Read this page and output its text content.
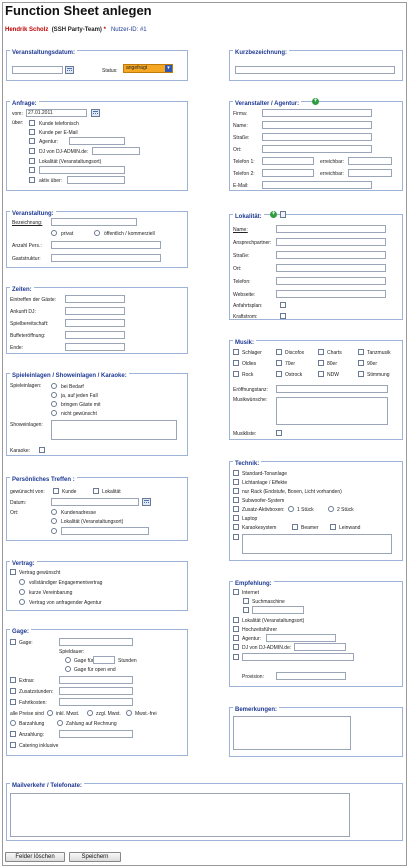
Function Sheet anlegen
Hendrik Scholz (SSH Party-Team) * Nutzer-ID: #1
Veranstaltungsdatum:
Status:	angefragt	▾
Kurzbezeichnung:
Anfrage:
vom:	27.01.2011
über:	Kunde telefonisch
Kunde per E-Mail
Agentur:
DJ von DJ-ADMIN.de:
Lokalität (Veranstaltungsort)
aktiv über:
Veranstalter / Agentur:	+
Firma:
Name:
Straße:
Ort:
Telefon 1:	erreichbar:
Telefon 2:	erreichbar:
E-Mail:
Veranstaltung:
Bezeichnung:
privat	öffentlich / kommerziell
Anzahl Pers.:
Gaststruktur:
Lokalität:	+
Name:
Ansprechpartner:
Straße:
Ort:
Telefon:
Webseite:
Anfahrtsplan:
Kraftstrom:
Zeiten:
Eintreffen der Gäste:
Ankunft DJ:
Spielbereitschaft:
Buffeteröffnung:
Ende:
Musik:
Schlager	Discofox	Charts	Tanzmusik
Oldies	70er	80er	90er
Rock	Ostrock	NDW	Stimmung
Eröffnungstanz:
Musikwünsche:
Musikliste:
Spieleinlagen / Showeinlagen / Karaoke:
Spieleinlagen:	bei Bedarf
ja, auf jeden Fall
bringen Gäste mit
nicht gewünscht
Showeinlagen:
Karaoke:
Technik:
Standard-Tonanlage
Lichtanlage / Effekte
nur Rack (Endstufe, Boxen, Licht vorhanden)
Subwoofer-System
Zusatz-Aktivboxen: 1 Stück	2 Stück
Laptop
Karaokesystem	Beamer	Leinwand
Persönliches Treffen :
gewünscht von:	Kunde	Lokalität
Datum:
Ort:	Kundenadresse
Lokalität (Veranstaltungsort)
Vertrag:
Vertrag gewünscht
vollständiger Engagementvertrag
kurze Vereinbarung
Vertrag von anfragender Agentur
Empfehlung:
Internet
Suchmaschine
Lokalität (Veranstaltungsort)
Hochzeitsführer
Agentur:
DJ von DJ-ADMIN.de:
Provision:
Gage:
Gage:
Spieldauer:
Gage für	Stunden
Gage für open end
Extras:
Zusatzstunden:
Fahrtkosten:
alle Preise sind inkl. Mwst.	zzgl. Mwst.	Mwst.-frei
Barzahlung	Zahlung auf Rechnung
Anzahlung:
Catering inklusive
Bemerkungen:
Mailverkehr / Telefonate:
Felder löschen	Speichern
